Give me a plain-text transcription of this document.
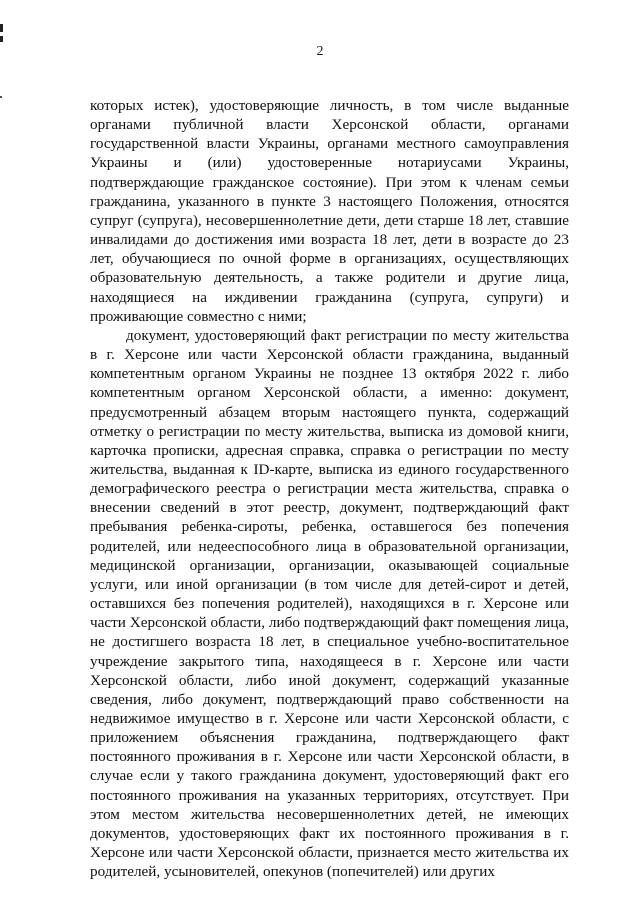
2

которых истек), удостоверяющие личность, в том числе выданные органами публичной власти Херсонской области, органами государственной власти Украины, органами местного самоуправления Украины и (или) удостоверенные нотариусами Украины, подтверждающие гражданское состояние). При этом к членам семьи гражданина, указанного в пункте 3 настоящего Положения, относятся супруг (супруга), несовершеннолетние дети, дети старше 18 лет, ставшие инвалидами до достижения ими возраста 18 лет, дети в возрасте до 23 лет, обучающиеся по очной форме в организациях, осуществляющих образовательную деятельность, а также родители и другие лица, находящиеся на иждивении гражданина (супруга, супруги) и проживающие совместно с ними;

документ, удостоверяющий факт регистрации по месту жительства в г. Херсоне или части Херсонской области гражданина, выданный компетентным органом Украины не позднее 13 октября 2022 г. либо компетентным органом Херсонской области, а именно: документ, предусмотренный абзацем вторым настоящего пункта, содержащий отметку о регистрации по месту жительства, выписка из домовой книги, карточка прописки, адресная справка, справка о регистрации по месту жительства, выданная к ID-карте, выписка из единого государственного демографического реестра о регистрации места жительства, справка о внесении сведений в этот реестр, документ, подтверждающий факт пребывания ребенка-сироты, ребенка, оставшегося без попечения родителей, или недееспособного лица в образовательной организации, медицинской организации, организации, оказывающей социальные услуги, или иной организации (в том числе для детей-сирот и детей, оставшихся без попечения родителей), находящихся в г. Херсоне или части Херсонской области, либо подтверждающий факт помещения лица, не достигшего возраста 18 лет, в специальное учебно-воспитательное учреждение закрытого типа, находящееся в г. Херсоне или части Херсонской области, либо иной документ, содержащий указанные сведения, либо документ, подтверждающий право собственности на недвижимое имущество в г. Херсоне или части Херсонской области, с приложением объяснения гражданина, подтверждающего факт постоянного проживания в г. Херсоне или части Херсонской области, в случае если у такого гражданина документ, удостоверяющий факт его постоянного проживания на указанных территориях, отсутствует. При этом местом жительства несовершеннолетних детей, не имеющих документов, удостоверяющих факт их постоянного проживания в г. Херсоне или части Херсонской области, признается место жительства их родителей, усыновителей, опекунов (попечителей) или других
